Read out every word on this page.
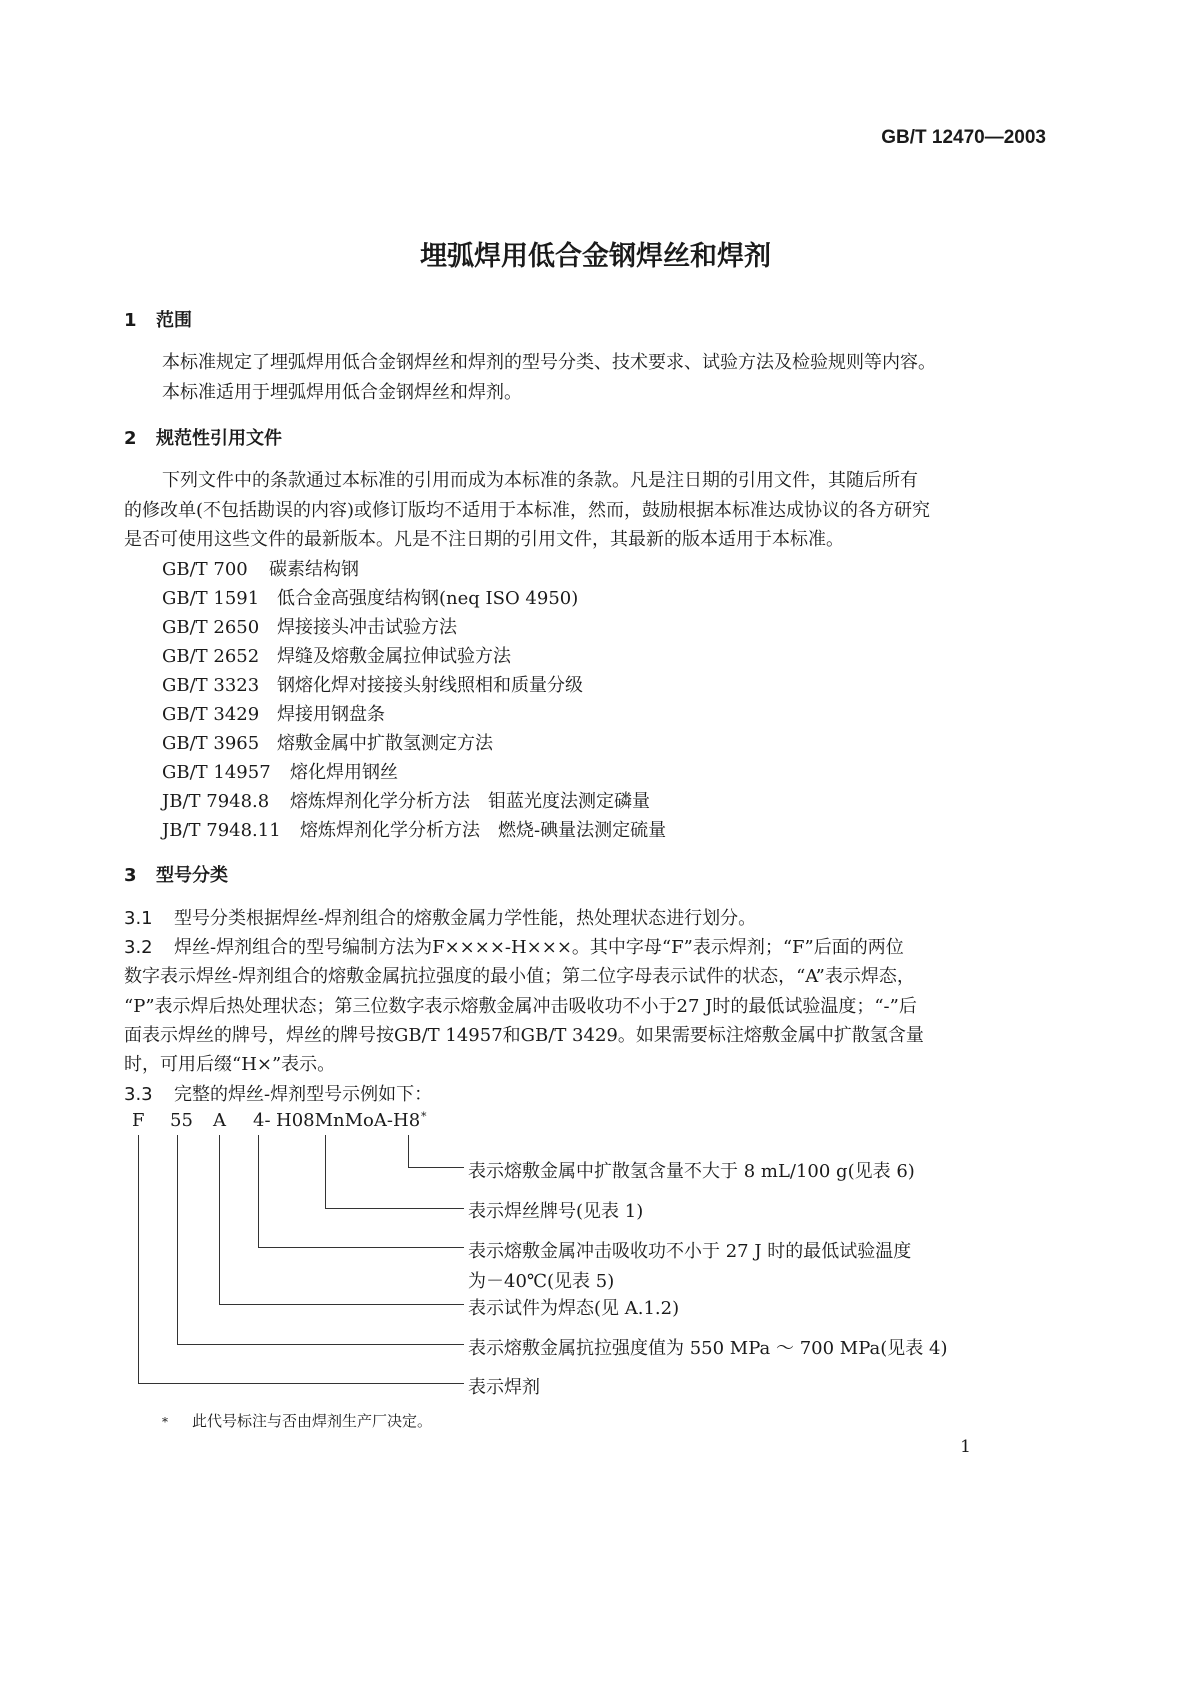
GB/T 12470—2003
埋弧焊用低合金钢焊丝和焊剂
1 范围
本标准规定了埋弧焊用低合金钢焊丝和焊剂的型号分类、技术要求、试验方法及检验规则等内容。
本标准适用于埋弧焊用低合金钢焊丝和焊剂。
2 规范性引用文件
下列文件中的条款通过本标准的引用而成为本标准的条款。凡是注日期的引用文件，其随后所有
的修改单(不包括勘误的内容)或修订版均不适用于本标准，然而，鼓励根据本标准达成协议的各方研究
是否可使用这些文件的最新版本。凡是不注日期的引用文件，其最新的版本适用于本标准。
GB/T 700 碳素结构钢
GB/T 1591 低合金高强度结构钢(neq ISO 4950)
GB/T 2650 焊接接头冲击试验方法
GB/T 2652 焊缝及熔敷金属拉伸试验方法
GB/T 3323 钢熔化焊对接接头射线照相和质量分级
GB/T 3429 焊接用钢盘条
GB/T 3965 熔敷金属中扩散氢测定方法
GB/T 14957 熔化焊用钢丝
JB/T 7948.8 熔炼焊剂化学分析方法　钼蓝光度法测定磷量
JB/T 7948.11 熔炼焊剂化学分析方法　燃烧-碘量法测定硫量
3 型号分类
3.1 型号分类根据焊丝-焊剂组合的熔敷金属力学性能，热处理状态进行划分。
3.2 焊丝-焊剂组合的型号编制方法为F××××-H×××。其中字母“F”表示焊剂；“F”后面的两位
数字表示焊丝-焊剂组合的熔敷金属抗拉强度的最小值；第二位字母表示试件的状态，“A”表示焊态，
“P”表示焊后热处理状态；第三位数字表示熔敷金属冲击吸收功不小于27 J时的最低试验温度；“-”后
面表示焊丝的牌号，焊丝的牌号按GB/T 14957和GB/T 3429。如果需要标注熔敷金属中扩散氢含量
时，可用后缀“H×”表示。
3.3 完整的焊丝-焊剂型号示例如下：
F 55 A 4- H08MnMoA- H8 *
表示熔敷金属中扩散氢含量不大于 8 mL/100 g(见表 6)
表示焊丝牌号(见表 1)
表示熔敷金属冲击吸收功不小于 27 J 时的最低试验温度
为－40℃(见表 5)
表示试件为焊态(见 A.1.2)
表示熔敷金属抗拉强度值为 550 MPa ～ 700 MPa(见表 4)
表示焊剂
* 此代号标注与否由焊剂生产厂决定。
1
